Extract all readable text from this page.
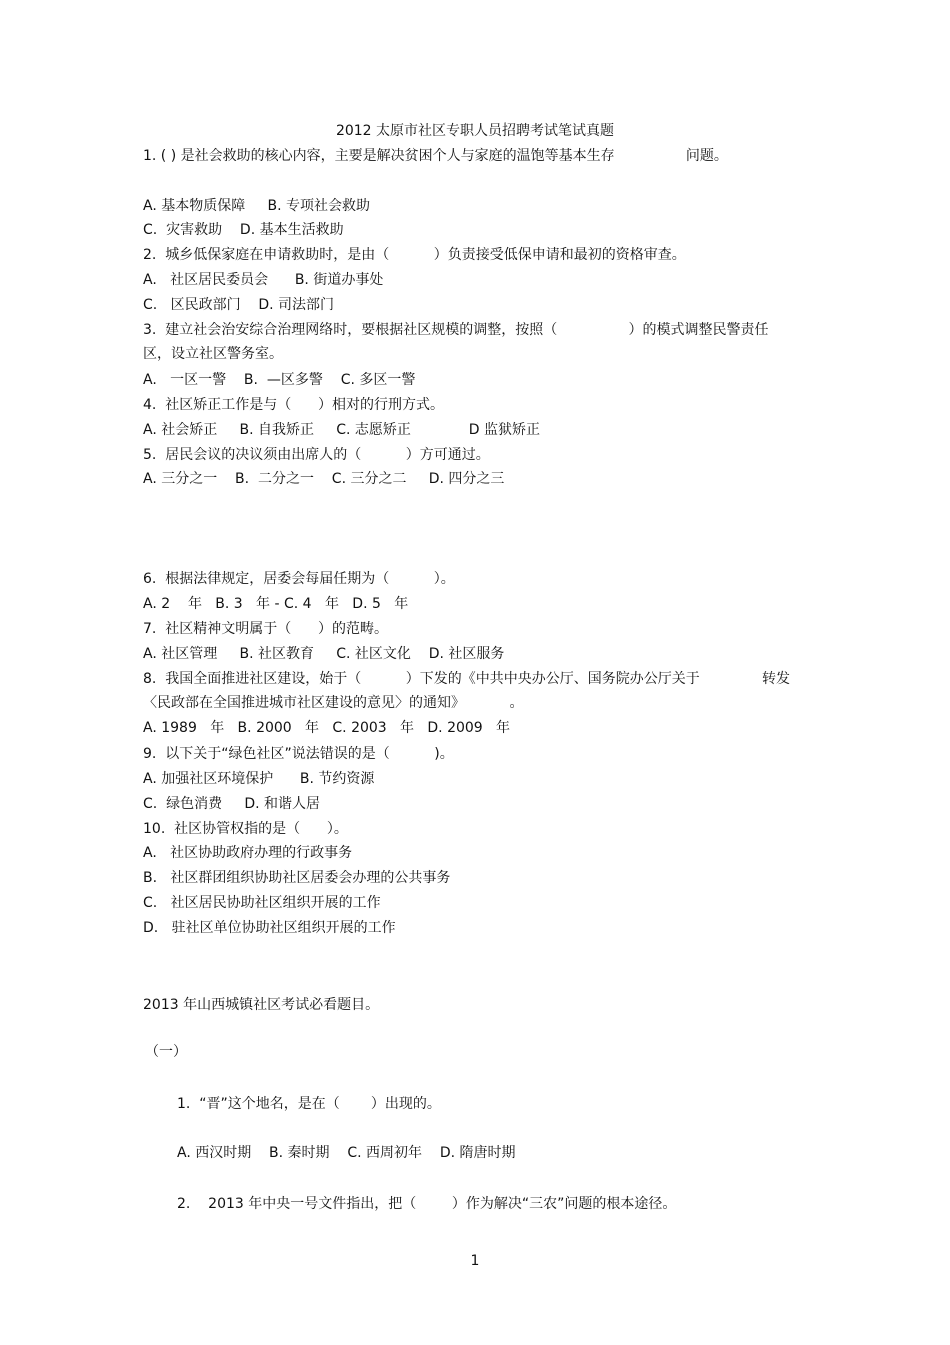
2012 太原市社区专职人员招聘考试笔试真题
1. ( ) 是社会救助的核心内容，主要是解决贫困个人与家庭的温饱等基本生存                问题。
A. 基本物质保障     B. 专项社会救助
C.  灾害救助    D. 基本生活救助
2.  城乡低保家庭在申请救助时，是由（          ）负责接受低保申请和最初的资格审查。
A.   社区居民委员会      B. 街道办事处
C.   区民政部门    D. 司法部门
3.  建立社会治安综合治理网络时，要根据社区规模的调整，按照（                ）的模式调整民警责任
区，设立社区警务室。
A.   一区一警    B.  —区多警    C. 多区一警
4.  社区矫正工作是与（      ）相对的行刑方式。
A. 社会矫正     B. 自我矫正     C. 志愿矫正             D 监狱矫正
5.  居民会议的决议须由出席人的（          ）方可通过。
A. 三分之一    B.  二分之一    C. 三分之二     D. 四分之三
6.  根据法律规定，居委会每届任期为（          ）。
A. 2    年   B. 3   年 - C. 4   年   D. 5   年
7.  社区精神文明属于（      ）的范畴。
A. 社区管理     B. 社区教育     C. 社区文化    D. 社区服务
8.  我国全面推进社区建设，始于（          ）下发的《中共中央办公厅、国务院办公厅关于              转发
〈民政部在全国推进城市社区建设的意见〉的通知》          。
A. 1989   年   B. 2000   年   C. 2003   年   D. 2009   年
9.  以下关于“绿色社区”说法错误的是（          )。
A. 加强社区环境保护      B. 节约资源
C.  绿色消费     D. 和谐人居
10.  社区协管权指的是（      ）。
A.   社区协助政府办理的行政事务
B.   社区群团组织协助社区居委会办理的公共事务
C.   社区居民协助社区组织开展的工作
D.   驻社区单位协助社区组织开展的工作
2013 年山西城镇社区考试必看题目。
（一）
1.  “晋”这个地名，是在（       ）出现的。
A. 西汉时期    B. 秦时期    C. 西周初年    D. 隋唐时期
2.    2013 年中央一号文件指出，把（        ）作为解决“三农”问题的根本途径。
1
